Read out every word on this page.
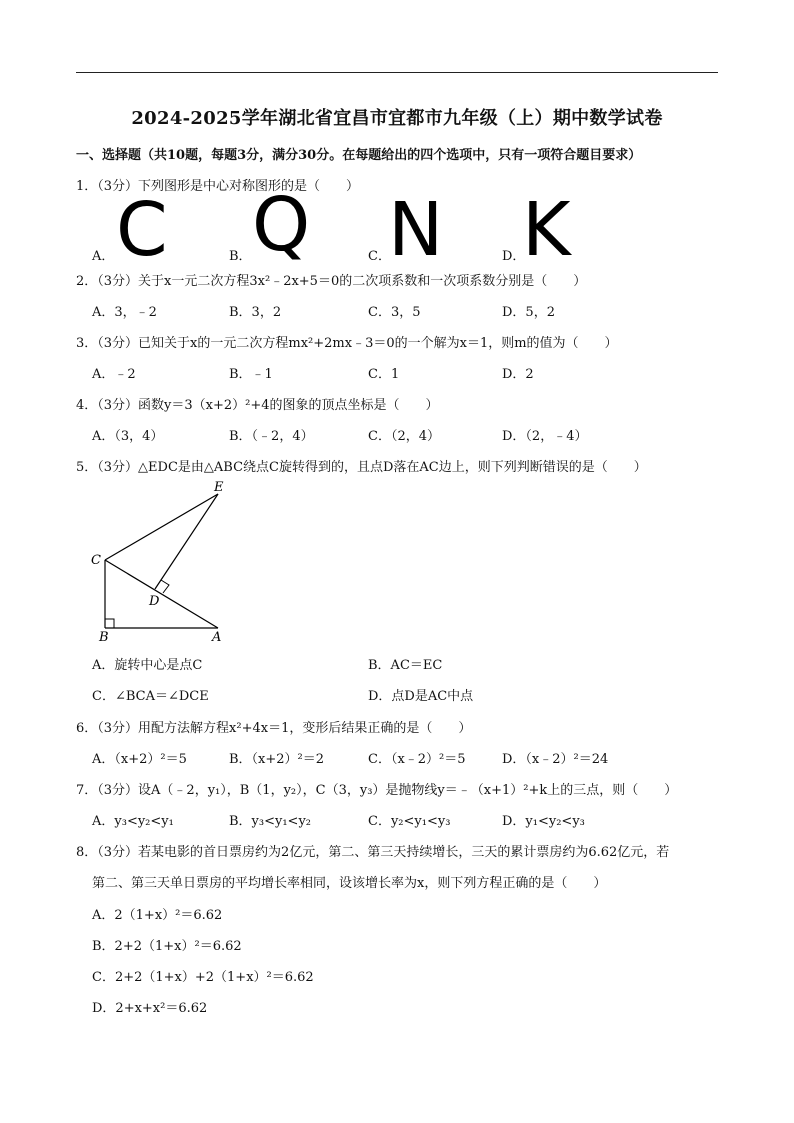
2024-2025学年湖北省宜昌市宜都市九年级（上）期中数学试卷
一、选择题（共10题，每题3分，满分30分。在每题给出的四个选项中，只有一项符合题目要求）
1．（3分）下列图形是中心对称图形的是（　　）
A．	B．	C．	D．
C Q N K
2．（3分）关于x一元二次方程3x²﹣2x+5＝0的二次项系数和一次项系数分别是（　　）
A．3，﹣2	B．3，2	C．3，5	D．5，2
3．（3分）已知关于x的一元二次方程mx²+2mx﹣3＝0的一个解为x＝1，则m的值为（　　）
A．﹣2	B．﹣1	C．1	D．2
4．（3分）函数y＝3（x+2）²+4的图象的顶点坐标是（　　）
A．（3，4）	B．（﹣2，4）	C．（2，4）	D．（2，﹣4）
5．（3分）△EDC是由△ABC绕点C旋转得到的，且点D落在AC边上，则下列判断错误的是（　　）
E
C
D
B	A
A．旋转中心是点C	B．AC＝EC
C．∠BCA＝∠DCE	D．点D是AC中点
6．（3分）用配方法解方程x²+4x＝1，变形后结果正确的是（　　）
A．（x+2）²＝5	B．（x+2）²＝2	C．（x﹣2）²＝5	D．（x﹣2）²＝24
7．（3分）设A（﹣2，y₁），B（1，y₂），C（3，y₃）是抛物线y＝﹣（x+1）²+k上的三点，则（　　）
A．y₃<y₂<y₁	B．y₃<y₁<y₂	C．y₂<y₁<y₃	D．y₁<y₂<y₃
8．（3分）若某电影的首日票房约为2亿元，第二、第三天持续增长，三天的累计票房约为6.62亿元，若
第二、第三天单日票房的平均增长率相同，设该增长率为x，则下列方程正确的是（　　）
A．2（1+x）²＝6.62
B．2+2（1+x）²＝6.62
C．2+2（1+x）+2（1+x）²＝6.62
D．2+x+x²＝6.62
